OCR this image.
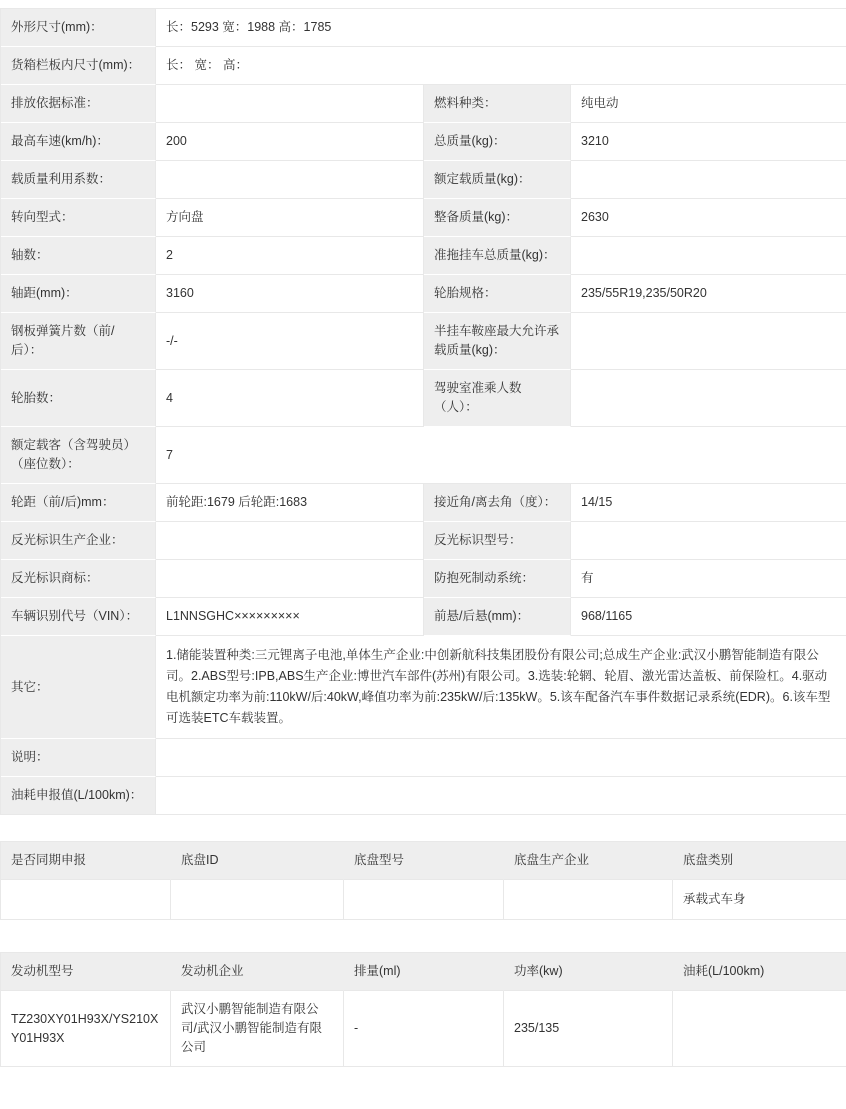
外形尺寸(mm)：	长：5293 宽：1988 高：1785		
货箱栏板内尺寸(mm)：	长： 宽： 高：		
排放依据标准：		燃料种类：	纯电动
最高车速(km/h)：	200	总质量(kg)：	3210
载质量利用系数：		额定载质量(kg)：	
转向型式：	方向盘	整备质量(kg)：	2630
轴数：	2	准拖挂车总质量(kg)：	
轴距(mm)：	3160	轮胎规格：	235/55R19,235/50R20
钢板弹簧片数（前/后）：	-/-	半挂车鞍座最大允许承载质量(kg)：	
轮胎数：	4	驾驶室准乘人数（人）：	
额定载客（含驾驶员）（座位数）：	7		
轮距（前/后)mm：	前轮距:1679 后轮距:1683	接近角/离去角（度）：	14/15
反光标识生产企业：		反光标识型号：	
反光标识商标：		防抱死制动系统：	有
车辆识别代号（VIN）：	L1NNSGHC×××××××××	前悬/后悬(mm)：	968/1165
其它：	1.储能装置种类:三元锂离子电池,单体生产企业:中创新航科技集团股份有限公司;总成生产企业:武汉小鹏智能制造有限公司。2.ABS型号:IPB,ABS生产企业:博世汽车部件(苏州)有限公司。3.选装:轮辋、轮眉、激光雷达盖板、前保险杠。4.驱动电机额定功率为前:110kW/后:40kW,峰值功率为前:235kW/后:135kW。5.该车配备汽车事件数据记录系统(EDR)。6.该车型可选装ETC车载装置。		
说明：			
油耗申报值(L/100km)：			
是否同期申报	底盘ID	底盘型号	底盘生产企业	底盘类别
				承载式车身
发动机型号	发动机企业	排量(ml)	功率(kw)	油耗(L/100km)
TZ230XY01H93X/YS210XY01H93X	武汉小鹏智能制造有限公司/武汉小鹏智能制造有限公司	-	235/135	
